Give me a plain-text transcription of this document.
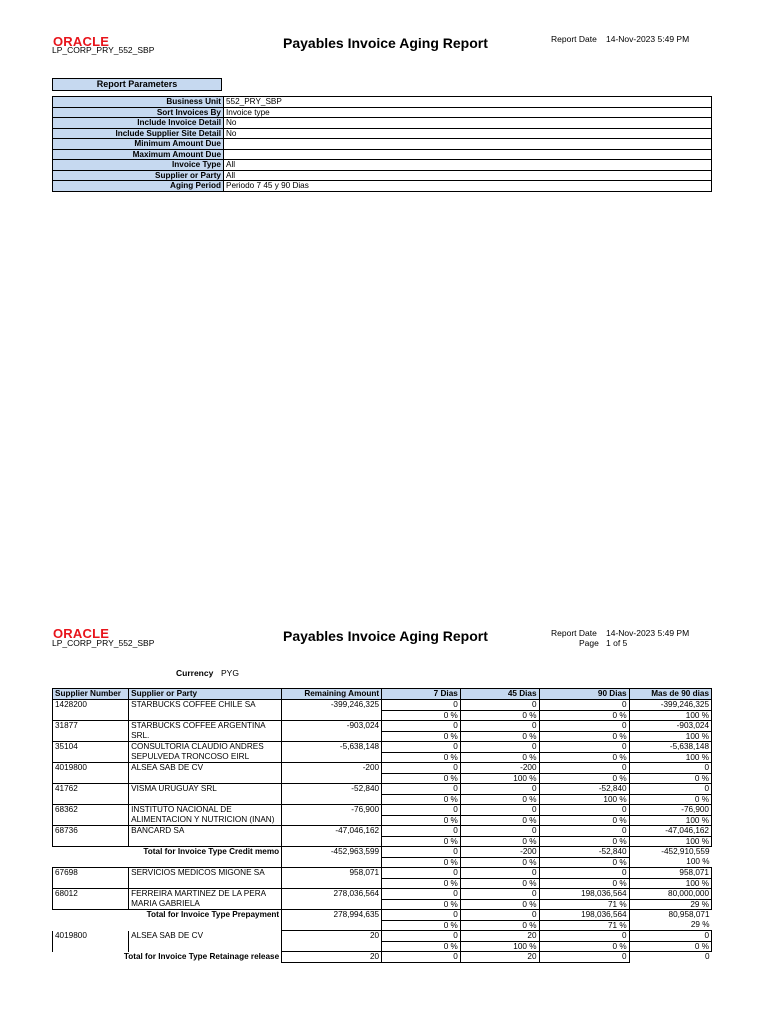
ORACLE
LP_CORP_PRY_552_SBP	Payables Invoice Aging Report	Report Date 14-Nov-2023 5:49 PM
Report Parameters
Business Unit	552_PRY_SBP
Sort Invoices By	Invoice type
Include Invoice Detail	No
Include Supplier Site Detail	No
Minimum Amount Due	
Maximum Amount Due	
Invoice Type	All
Supplier or Party	All
Aging Period	Periodo 7 45 y 90 Dias
ORACLE
LP_CORP_PRY_552_SBP	Payables Invoice Aging Report	Report Date 14-Nov-2023 5:49 PM
Page 1 of 5
Currency PYG
Supplier Number	Supplier or Party	Remaining Amount	7 Dias	45 Dias	90 Dias	Mas de 90 dias
1428200	STARBUCKS COFFEE CHILE SA	-399,246,325	0	0	0	-399,246,325
			0 %	0 %	0 %	100 %
31877	STARBUCKS COFFEE ARGENTINA SRL.	-903,024	0	0	0	-903,024
			0 %	0 %	0 %	100 %
35104	CONSULTORIA CLAUDIO ANDRES SEPULVEDA TRONCOSO EIRL	-5,638,148	0	0	0	-5,638,148
			0 %	0 %	0 %	100 %
4019800	ALSEA SAB DE CV	-200	0	-200	0	0
			0 %	100 %	0 %	0 %
41762	VISMA URUGUAY SRL	-52,840	0	0	-52,840	0
			0 %	0 %	100 %	0 %
68362	INSTITUTO NACIONAL DE ALIMENTACION Y NUTRICION (INAN)	-76,900	0	0	0	-76,900
			0 %	0 %	0 %	100 %
68736	BANCARD SA	-47,046,162	0	0	0	-47,046,162
			0 %	0 %	0 %	100 %
Total for Invoice Type Credit memo		-452,963,599	0	-200	-52,840	-452,910,559
			0 %	0 %	0 %	100 %
67698	SERVICIOS MEDICOS MIGONE SA	958,071	0	0	0	958,071
			0 %	0 %	0 %	100 %
68012	FERREIRA MARTINEZ DE LA PERA MARIA GABRIELA	278,036,564	0	0	198,036,564	80,000,000
			0 %	0 %	71 %	29 %
Total for Invoice Type Prepayment		278,994,635	0	0	198,036,564	80,958,071
			0 %	0 %	71 %	29 %
4019800	ALSEA SAB DE CV	20	0	20	0	0
			0 %	100 %	0 %	0 %
Total for Invoice Type Retainage release		20	0	20	0	0
